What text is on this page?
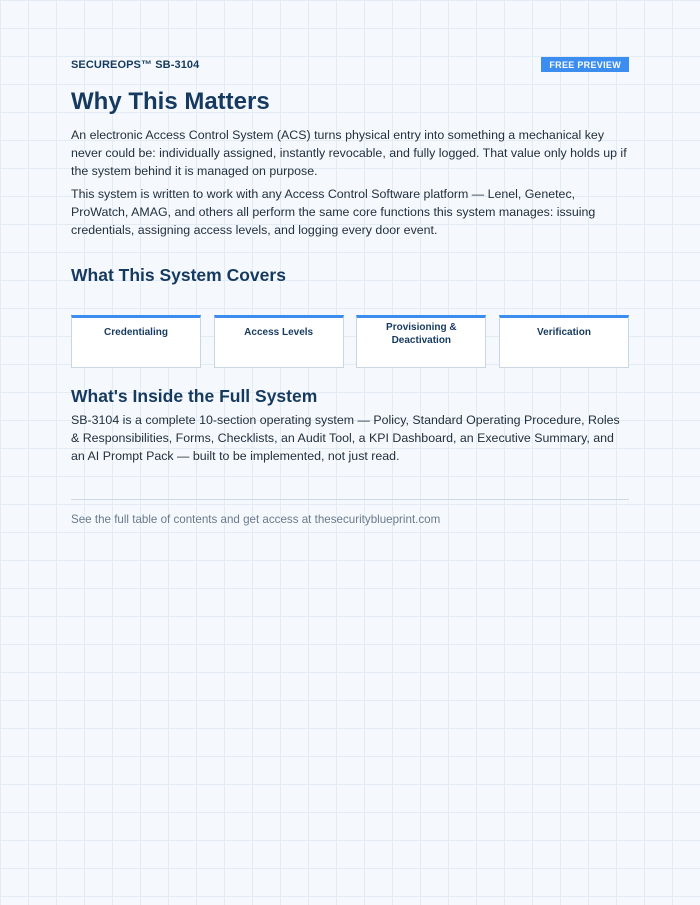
SECUREOPS™ SB-3104	FREE PREVIEW
Why This Matters

An electronic Access Control System (ACS) turns physical entry into something a mechanical key never could be: individually assigned, instantly revocable, and fully logged. That value only holds up if the system behind it is managed on purpose.

This system is written to work with any Access Control Software platform — Lenel, Genetec, ProWatch, AMAG, and others all perform the same core functions this system manages: issuing credentials, assigning access levels, and logging every door event.

What This System Covers
Credentialing	Access Levels	Provisioning & Deactivation
Verification
What's Inside the Full System

SB-3104 is a complete 10-section operating system — Policy, Standard Operating Procedure, Roles & Responsibilities, Forms, Checklists, an Audit Tool, a KPI Dashboard, an Executive Summary, and an AI Prompt Pack — built to be implemented, not just read.

See the full table of contents and get access at thesecurityblueprint.com
